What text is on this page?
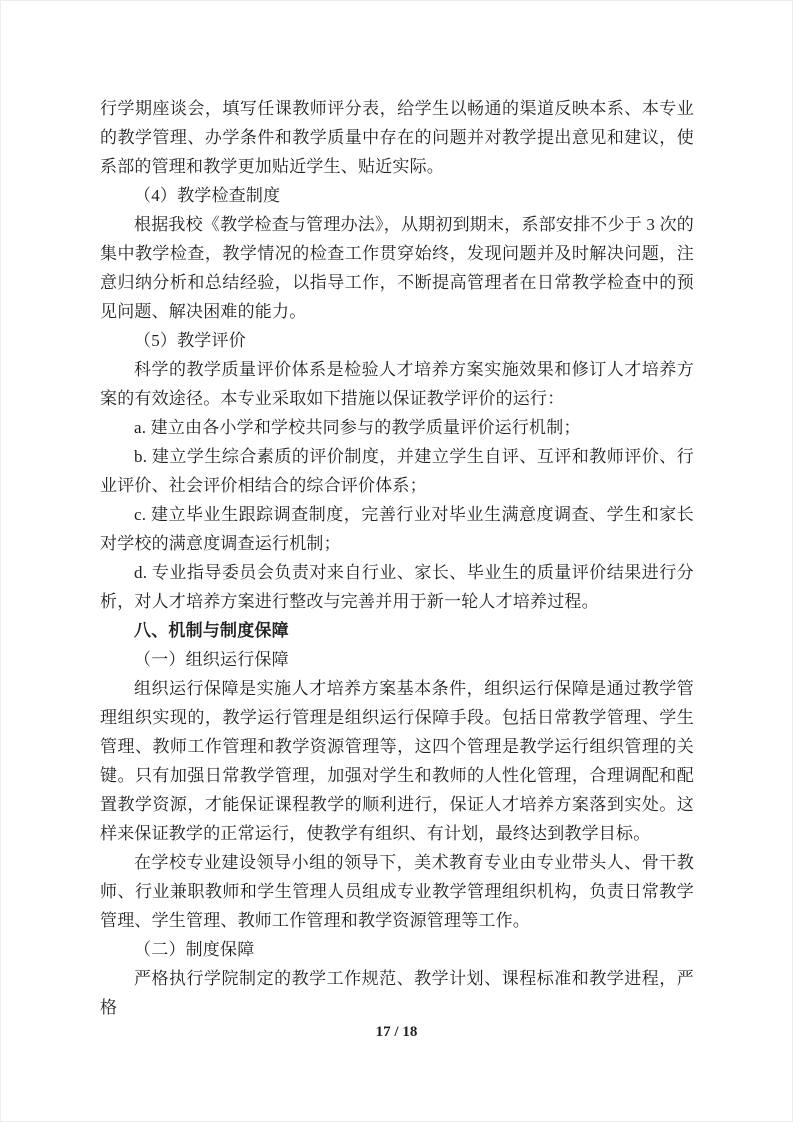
行学期座谈会，填写任课教师评分表，给学生以畅通的渠道反映本系、本专业的教学管理、办学条件和教学质量中存在的问题并对教学提出意见和建议，使系部的管理和教学更加贴近学生、贴近实际。

（4）教学检查制度

根据我校《教学检查与管理办法》，从期初到期末，系部安排不少于 3 次的集中教学检查，教学情况的检查工作贯穿始终，发现问题并及时解决问题，注意归纳分析和总结经验，以指导工作，不断提高管理者在日常教学检查中的预见问题、解决困难的能力。

（5）教学评价

科学的教学质量评价体系是检验人才培养方案实施效果和修订人才培养方案的有效途径。本专业采取如下措施以保证教学评价的运行：

a. 建立由各小学和学校共同参与的教学质量评价运行机制；

b. 建立学生综合素质的评价制度，并建立学生自评、互评和教师评价、行业评价、社会评价相结合的综合评价体系；

c. 建立毕业生跟踪调查制度，完善行业对毕业生满意度调查、学生和家长对学校的满意度调查运行机制；

d. 专业指导委员会负责对来自行业、家长、毕业生的质量评价结果进行分析，对人才培养方案进行整改与完善并用于新一轮人才培养过程。

八、机制与制度保障

（一）组织运行保障

组织运行保障是实施人才培养方案基本条件，组织运行保障是通过教学管理组织实现的，教学运行管理是组织运行保障手段。包括日常教学管理、学生管理、教师工作管理和教学资源管理等，这四个管理是教学运行组织管理的关键。只有加强日常教学管理，加强对学生和教师的人性化管理，合理调配和配置教学资源，才能保证课程教学的顺利进行，保证人才培养方案落到实处。这样来保证教学的正常运行，使教学有组织、有计划，最终达到教学目标。

在学校专业建设领导小组的领导下，美术教育专业由专业带头人、骨干教师、行业兼职教师和学生管理人员组成专业教学管理组织机构，负责日常教学管理、学生管理、教师工作管理和教学资源管理等工作。

（二）制度保障

严格执行学院制定的教学工作规范、教学计划、课程标准和教学进程，严格

17 / 18
